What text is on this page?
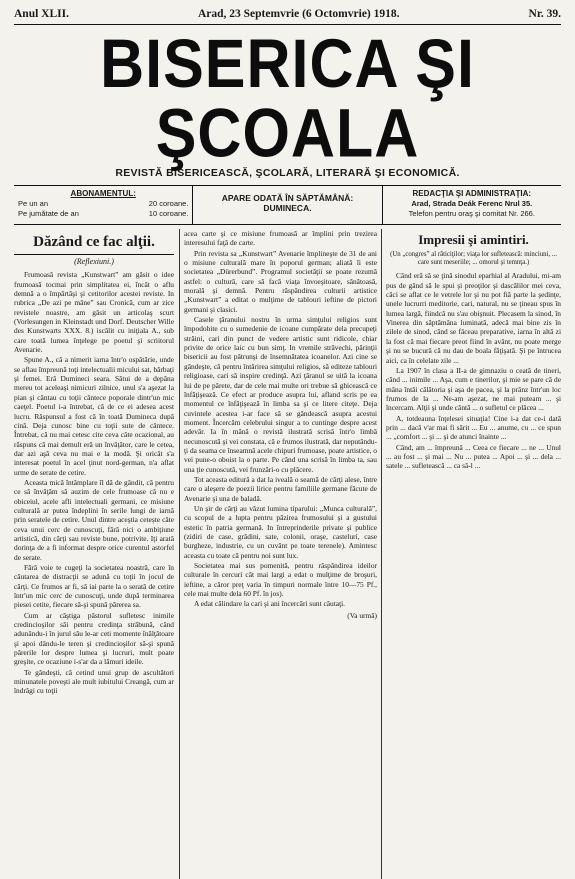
Anul XLII.	Arad, 23 Septemvrie (6 Octomvrie) 1918.	Nr. 39.
BISERICA ŞI ŞCOALA
REVISTĂ BISERICEASCĂ, ŞCOLARĂ, LITERARĂ ŞI ECONOMICĂ.
ABONAMENTUL:
Pe un an	20 coroane.
Pe jumătate de an	10 coroane.
APARE ODATĂ ÎN SĂPTĂMÂNĂ:
DUMINECA.
REDACŢIA ŞI ADMINISTRAŢIA:
Arad, Strada Deák Ferenc Nrul 35.
Telefon pentru oraş şi comitat Nr. 266.
Dăzând ce fac alţii.
(Reflexiuni.)

Frumoasă revista „Kunstwart” am găsit o idee frumoasă tocmai prin simplitatea ei, încât o aflu demnă a o împărtăşi şi cetitorilor acestei reviste. In rubrica „De azi pe mâne” sau Cronică, cum ar zice revistele noastre, am găsit un articolaş scurt (Vorlesungen in Kleinstadt und Dorf. Deutscher Wille des Kunstwarts XXX. 8.) iscălit cu iniţiala A., sub care toată lumea înţelege pe poetul şi scriitorul Avenarie.

Spune A., că a nimerit iarna într'o ospătărie, unde se aflau împreună toţi intelectualii micului sat, bărbaţi şi femei. Eră Dumineci seara. Sătui de a depăna mereu tot aceleaşi nimicuri zilnice, unul s'a aşezat la pian şi cântau cu toţii cântece poporale dintr'un mic caeţel. Poetul i-a întrebat, că de ce ei adesea acest lucru. Răspunsul a fost că în toată Dumineca după cină. Deja cunosc bine cu toţii sute de cântece. Întrebat, că nu mai cetesc cite ceva câte ocazional, au răspuns că mai demult eră un învăţător, care le cetea, dar azi aşă ceva nu mai e la modă. Şi oricât s'a interesat poetul în acel ţinut nord-german, n'a aflat urme de serate de cetire.

Aceasta mică întâmplare îl dă de gândit, că pentru ce să învăţăm să auzim de cele frumoase că nu e obiceiul, acele afli intelectuali germani, ce misiune culturală ar putea îndeplini în serile lungi de iarnă prin seratele de cetire. Unul dintre aceştia cetește câte ceva unui cerc de cunoscuţi, fără nici o ambiţiune artistică, din cărţi sau reviste bune, potrivite. Iţi arată dorinţa de a fi informat despre orice curentul astorfel de serate.

Fără voie te cugeţi la societatea noastră, care în căutarea de distracţii se adună cu toţii în jocul de cărţi. Ce frumos ar fi, să iai parte la o serată de cetire într'un mic cerc de cunoscuţi, unde după terminarea piesei cetite, fiecare să-şi spună părerea sa.

Cum ar câştiga păstorul sufletesc inimile credincioşilor săi pentru credinţa străbună, când adunându-i în jurul său le-ar ceti momente înălţătoare şi apoi dându-le teren şi credincioşilor să-şi spună părerile lor despre lumea şi lucruri, mult poate greşite, ce ocaziune i-s'ar da a lămuri ideile.

Te gândeşti, că cetind unui grup de ascultători minunatele poveşti ale mult iubitului Creangă, cum ar îndrăgi cu toţii

acea carte şi ce misiune frumoasă ar împlini prin trezirea interesului faţă de carte.

Prin revista sa „Kunstwart” Avenarie împlineşte de 31 de ani o misiune culturală mare în poporul german; aliată îi este societatea „Dürerbund”. Programul societăţii se poate rezumă astfel: o cultură, care să facă viaţa învoeşitoare, sănătoasă, morală şi demnă. Pentru răspândirea culturii artistice „Kunstwart” a editat o mulţime de tablouri ieftine de pictori germani şi clasici.

Casele ţăranului nostru în urma simţului religios sunt împodobite cu o sumedenie de icoane cumpărate dela precupeţi străini, cari din punct de vedere artistic sunt ridicole, chiar privite de orice laic cu bun simţ. In vremile străvechi, părinţii bisericii au fost pătrunşi de însemnătatea icoanelor. Azi cine se gândeşte, că pentru întărirea simţului religios, să editeze tablouri religioase, cari să inspire credinţă. Azi ţăranul se uită la icoana lui de pe părete, dar de cele mai multe ori trebue să ghicească ce înfăţişează. Ce efect ar produce asupra lui, afland scris pe ea momentul ce înfăţişează în limba sa şi ce litere citeţe. Deja cuvintele acestea i-ar face să se gândească asupra acestui moment. Încercăm celebrului singur a to cuntinge despre acest adevăr. Ia în mână o revistă ilustrată scrisă într'o limbă necunoscută şi vei constata, că e frumos ilustrată, dar neputându-ţi da seama ce înseamnă acele chipuri frumoase, poate artistice, o vei pune-o oboist la o parte. Pe când una scrisă în limba ta, sau una ţie cunoscută, vei frunzări-o cu plăcere.

Tot aceasta editură a dat la iveală o seamă de cărţi alese, între care o aleşere de poezii lirice pentru familiile germane făcute de Avenarie şi una de baladă.

Un şir de cărţi au văzut lumina tiparului: „Munca culturală”, cu scopul de a lupta pentru păzirea frumosului şi a gustului estetic în patria germană. In întreprinderile private şi publice (zidiri de case, grădini, sate, colonii, oraşe, castelurí, case burgheze, industrie, cu un cuvânt pe toate terenele). Amintesc aceasta cu toate că pentru noi sunt lux.

Societatea mai sus pomenită, pentru răspândirea ideilor culturale în cercuri cât mai largi a edat o mulţime de broşuri, ieftine, a câror preţ varia în timpuri normale între 10—75 Pf., cele mai multe dela 60 Pf. în jos).

A edat călindare la cari şi ani încercări sunt căutaţi.

(Va urmă)
Impresii şi amintiri.
(Un „congres” al răticiţilor; viaţa lor sufletească: minciuni, ... care sunt meseriile; ... omorul şi temnţa.)

Când eră să se ţină sinodul eparhial al Aradului, mi-am pus de gând să le spui şi preoţilor şi dascălilor mei ceva, căci se aflat ce le vetrele lor şi nu pot fiă parte la şedinţe, unele lucrurri meditorie, cari, natural, nu se ţineau spus în lumea largă, fiindcă nu s'au obişnuit. Plecasem la sinod, în Vinerea din săptămâna luminată, adecă mai bine zis în zilele de sinod, când se făceau preparative, iarna în altă zi la fost că mai fiecare preot fiind în avânt, nu poate merge şi nu se bucură că nu dau de boala făţişată. Şi pe întrucea aici, ca în celelate zile ...

La 1907 în clasa a II-a de gimnaziu o ceată de tineri, când ... inimile ... Aşa, cum e tinerilor, şi mie se pare că de mâna întâi călătoria şi aşa de pacea, şi la prânz într'un loc frumos de la ... Ne-am aşezat, ne mai puteam ... şi încercam. Alţii şi unde cântă ... o sufletul ce plăcea ...

A, totdeauna înţelesei situaţia! Cine i-a dat ce-i dată prin ... dacă v'ar mai fi sărit ... Eu ... anume, cu ... ce spun ... „comfort ... şi ... şi de atunci înainte ...

Când, am ... împreună ... Ceea ce fiecare ... ne ... Unul ... au fost ... şi mai ... Nu ... putea ... Apoi ... şi ... dela ... satele ... sufletească ... ca să-l ...
